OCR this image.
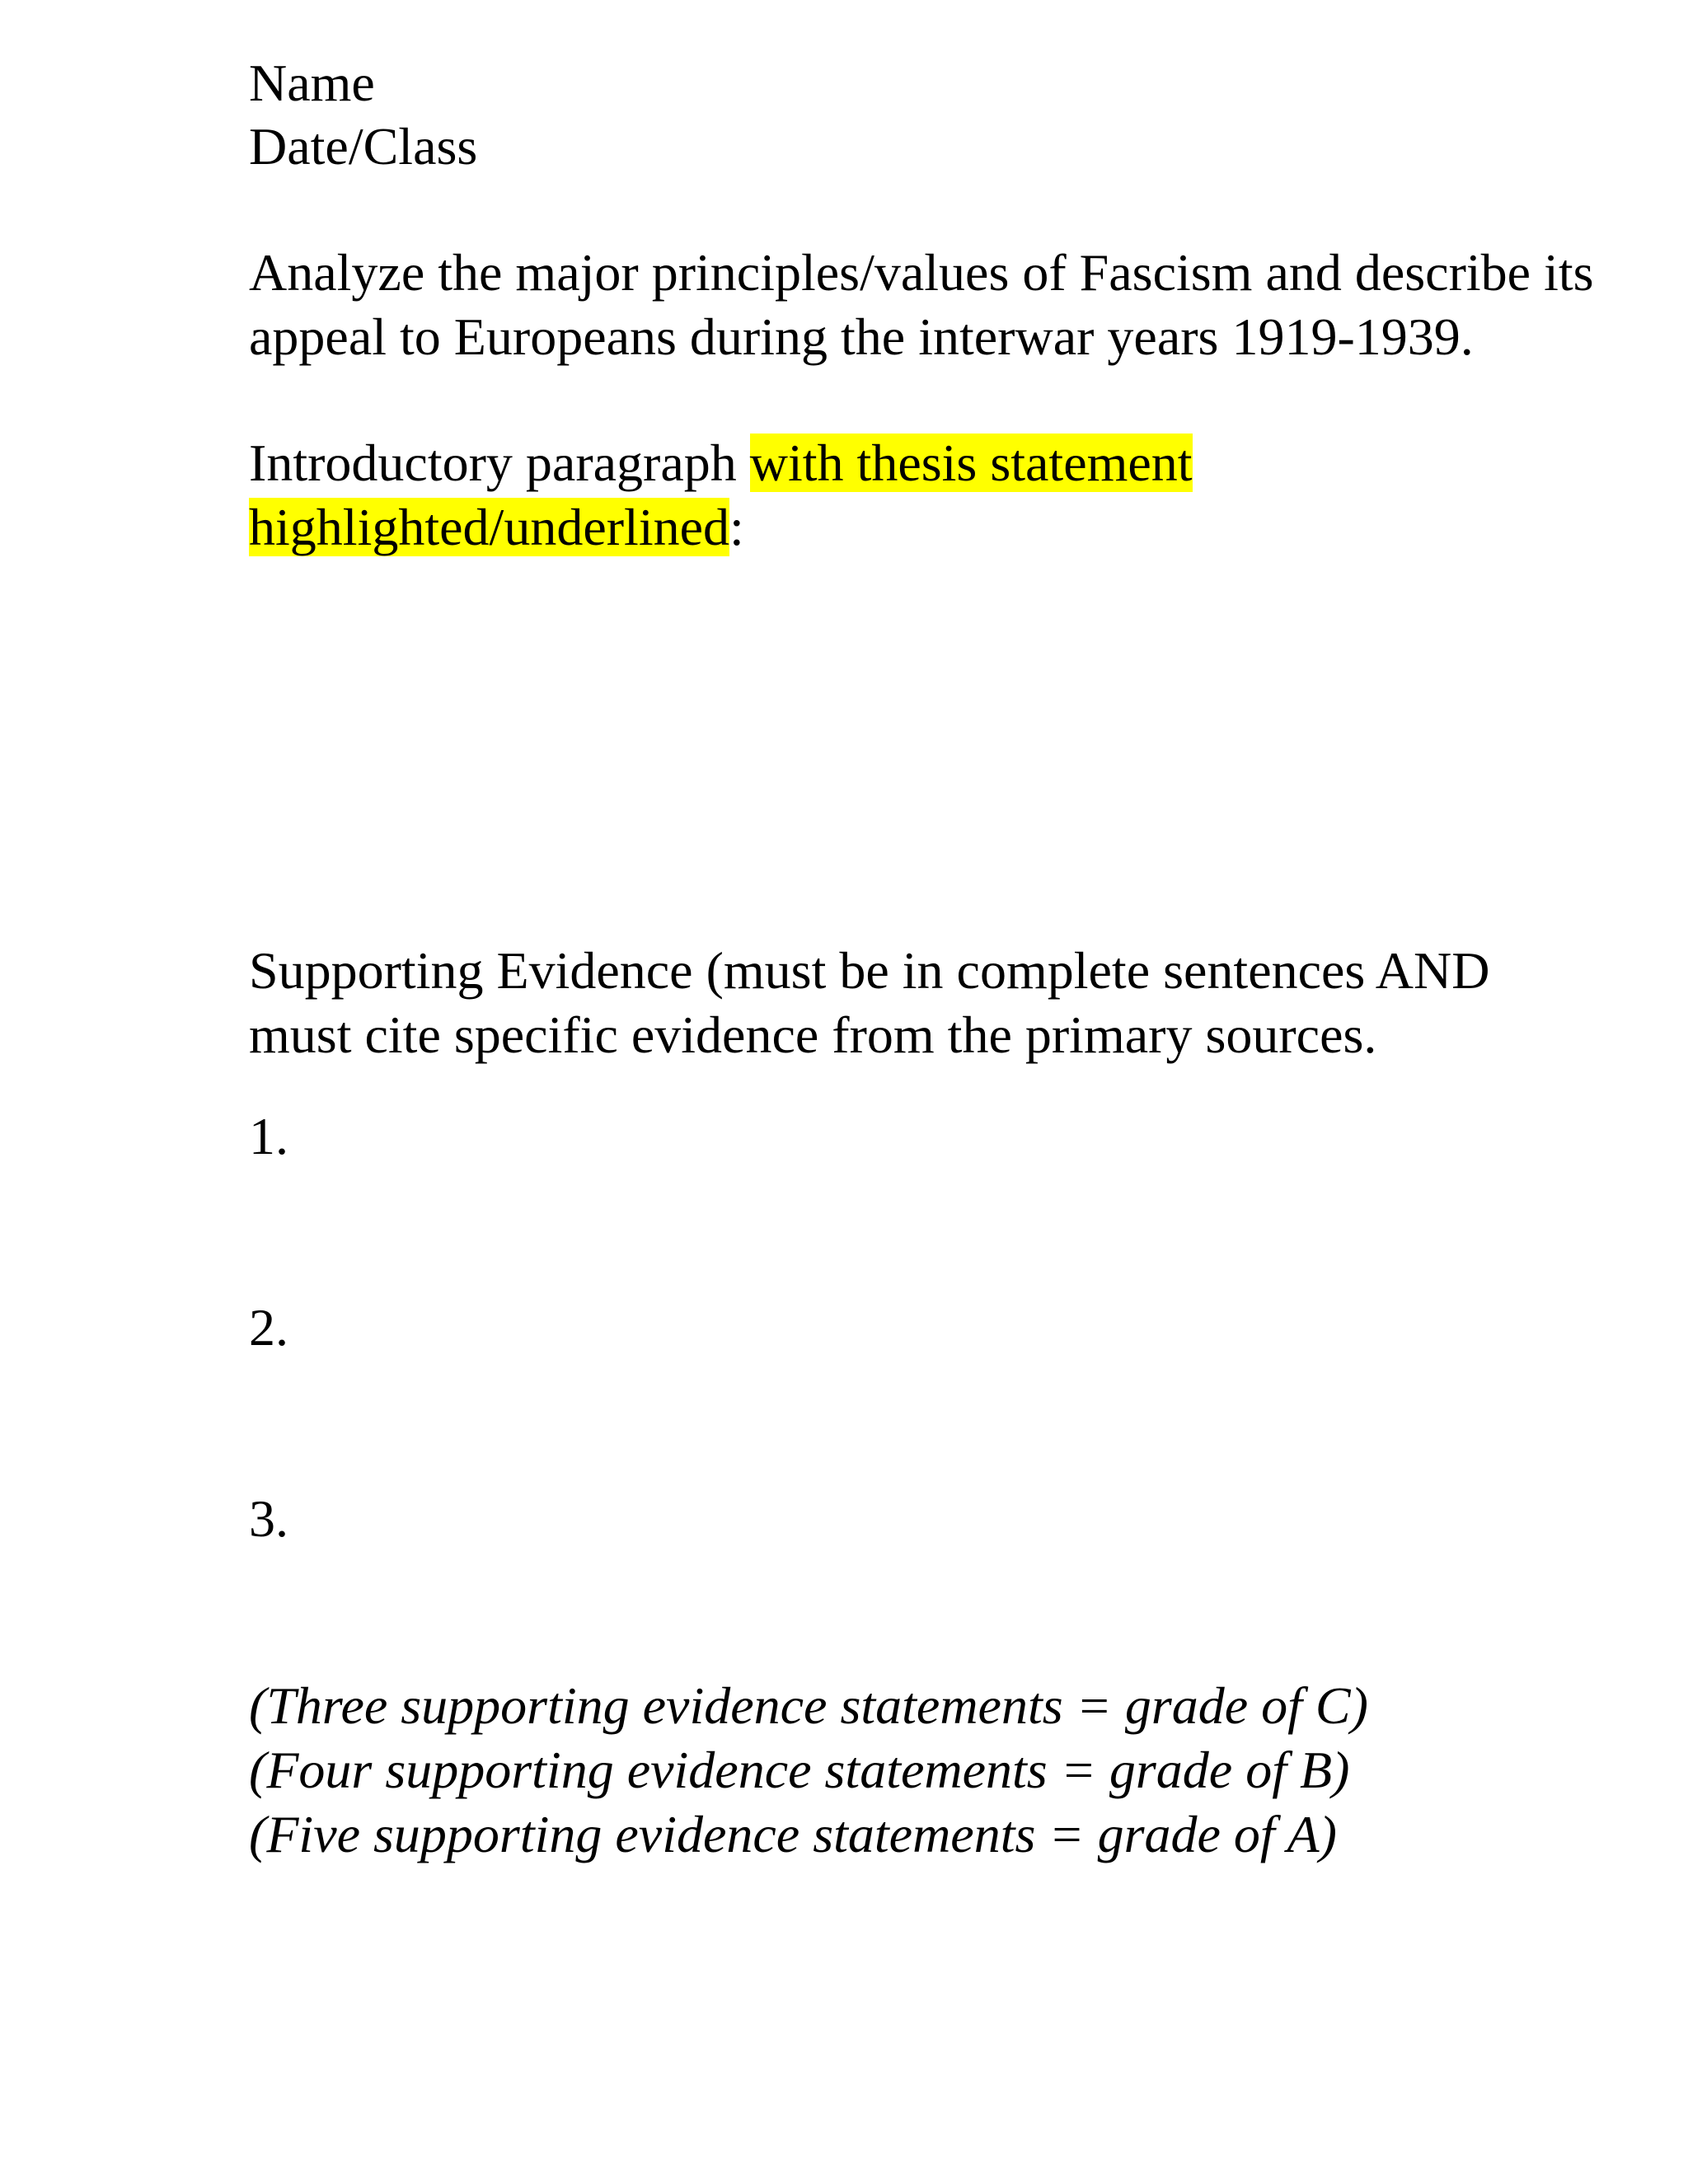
Name

Date/Class

Analyze the major principles/values of Fascism and describe its

appeal to Europeans during the interwar years 1919-1939.

Introductory paragraph with thesis statement

highlighted/underlined:

Supporting Evidence (must be in complete sentences AND

must cite specific evidence from the primary sources.

1.

2.

3.

(Three supporting evidence statements = grade of C)

(Four supporting evidence statements = grade of B)

(Five supporting evidence statements = grade of A)
